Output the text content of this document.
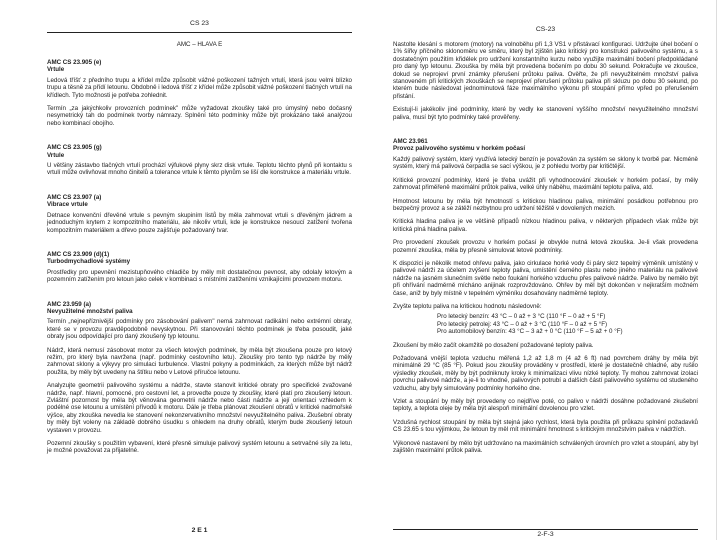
CS 23
AMC – HLAVA E
AMC CS 23.905 (e)
Vrtule
Ledová tříšť z předního trupu a křídel může způsobit vážné poškození tažných vrtulí, která jsou velmi blízko trupu a těsně za přídí letounu. Obdobně i ledová tříšť z křídel může způsobit vážné poškození tlačných vrtulí na křídlech. Tyto možnosti je potřeba zohlednit.
Termín „za jakýchkoliv provozních podmínek" může vyžadovat zkoušky také pro úmyslný nebo dočasný nesymetrický tah do podmínek tvorby námrazy. Splnění této podmínky může být prokázáno také analýzou nebo kombinací obojího.
AMC CS 23.905 (g)
Vrtule
U většiny zástavbo tlačných vrtulí prochází výfukové plyny skrz disk vrtule. Teplotu těchto plynů při kontaktu s vrtulí může ovlivňovat mnoho činitelů a tolerance vrtule k těmto plynům se liší dle konstrukce a materiálu vrtule.
AMC CS 23.907 (a)
Vibrace vrtule
Detnace konvenční dřevěné vrtule s pevným skupiním listů by měla zahrnovat vrtuli s dřevěným jádrem a jednoduchým krytem z kompozitního materiálu, ale nikoliv vrtuli, kde je konstrukce nesoucí zatížení tvořena kompozitním materiálem a dřevo pouze zajišťuje požadovaný tvar.
AMC CS 23.909 (d)(1)
Turbodmychadlové systémy
Prostředky pro upevnění mezistupňového chladiče by měly mít dostatečnou pevnost, aby odolaly letovým a pozemním zatížením pro letoun jako celek v kombinaci s místními zatíženími vznikajícími provozem motoru.
AMC 23.959 (a)
Nevyužitelné množství paliva
Termín „nejnepříznivější podmínky pro zásobování palivem" nemá zahrnovat radikální nebo extrémní obraty, které se v provozu pravděpodobně nevyskytnou. Při stanovování těchto podmínek je třeba posoudit, jaké obraty jsou odpovídající pro daný zkoušený typ letounu.
Nádrž, která nemusí zásobovat motor za všech letových podmínek, by měla být zkoušena pouze pro letový režim, pro který byla navržena (např. podmínky cestovního letu). Zkoušky pro tento typ nádrže by měly zahrnovat sklony a výkyvy pro simulaci turbulence. Vlastní pokyny a podmínkách, za kterých může být nádrž použita, by měly být uvedeny na štítku nebo v Letové příručce letounu.
Analyzujte geometrii palivového systému a nádrže, stavte stanovit kritické obraty pro specifické zvažované nádrže, např. hlavní, pomocné, pro cestovní let, a proveďte pouze ty zkoušky, které platí pro zkoušený letoun. Zvláštní pozornost by měla být věnována geometrii nádrže nebo části nádrže a její orientaci vzhledem k podélné ose letounu a umístění přívodů k motoru. Dále je třeba plánovat zkoušení obratů v kritické nadmořské výšce, aby zkouška nevedla ke stanovení nekonzervativního množství nevyužitelného paliva. Zkušební obraty by měly být voleny na základě dobrého úsudku s ohledem na druhy obratů, kterým bude zkoušený letoun vystaven v provozu.
Pozemní zkoušky s použitím vybavení, které přesně simuluje palivový systém letounu a setrvačné síly za letu, je možné považovat za přijatelné.
2 E 1
CS-23
Nastolte klesání s motorem (motory) na volnoběhu při 1,3 VS1 v přistávací konfiguraci. Udržujte úhel bočení o 1% šířky příčného sklonoměru ve směru, který byl zjištěn jako kritický pro konstrukci palivového systému, a s dostatečným použitím křidélek pro udržení konstantního kurzu nebo využijte maximální bočení předpokládané pro daný typ letounu. Zkouška by měla být provedena bočením po dobu 30 sekund. Pokračujte ve zkoušce, dokud se neprojeví první známky přerušení průtoku paliva. Ověřte, že při nevyužitelném množství paliva stanoveném při kritických zkouškách se neprojeví přerušení průtoku paliva při skluzu po dobu 30 sekund, po kterém bude následovat jednominutová fáze maximálního výkonu při stoupání přímo vpřed po přerušeném přistání.
Existují-li jakékoliv jiné podmínky, které by vedly ke stanovení vyššího množství nevyužitelného množství paliva, musí být tyto podmínky také prověřeny.
AMC 23.961
Provoz palivového systému v horkém počasí
Každý palivový systém, který využívá letecký benzín je považován za systém se sklony k tvorbě par. Nicméně systém, který má palivová čerpadla se sací výškou, je z pohledu tvorby par kritičtější.
Kritické provozní podmínky, které je třeba uvážit při vyhodnocování zkoušek v horkém počasí, by měly zahrnovat přiměřeně maximální průtok paliva, velké úhly náběhu, maximální teplotu paliva, atd.
Hmotnost letounu by měla být hmotností s kritickou hladinou paliva, minimální posádkou potřebnou pro bezpečný provoz a se zátěží nezbytnou pro udržení těžiště v dovolených mezích.
Kritická hladina paliva je ve většině případů nízkou hladinou paliva, v některých případech však může být kritická plná hladina paliva.
Pro provedení zkoušek provozu v horkém počasí je obvykle nutná letová zkouška. Je-li však provedena pozemní zkouška, měla by přesně simulovat letové podmínky.
K dispozici je několik metod ohřevu paliva, jako cirkulace horké vody či páry skrz tepelný výměník umístěný v palivové nádrži za účelem zvýšení teploty paliva, umístění černého plastu nebo jiného materiálu na palivové nádrže na jasném slunečním světle nebo foukání horkého vzduchu přes palivové nádrže. Palivo by nemělo být při ohřívání nadměrně mícháno anijinak rozprovždováno. Ohřev by měl být dokončen v nejkratším možném čase, aniž by byly místně v tepelném výměníku dosahovány nadměrné teploty.
Zvyšte teplotu paliva na kritickou hodnotu následovně:
Pro letecký benzín: 43 °C – 0 až + 3 °C (110 °F – 0 až + 5 °F)
Pro letecký petrolej: 43 °C – 0 až + 3 °C (110 °F – 0 až + 5 °F)
Pro automobilový benzín: 43 °C – 3 až + 0 °C (110 °F – 5 až + 0 °F)
Zkoušení by mělo začít okamžitě po dosažení požadované teploty paliva.
Požadovaná vnější teplota vzduchu měřená 1,2 až 1,8 m (4 až 6 ft) nad povrchem dráhy by měla být minimálně 29 °C (85 °F). Pokud jsou zkoušky prováděny v prostředí, které je dostatečně chladné, aby rušilo výsledky zkoušek, měly by být podniknuty kroky k minimalizaci vlivu nízké teploty. Ty mohou zahrnovat izolaci povrchu palivové nádrže, a je-li to vhodné, palivových potrubí a dalších částí palivového systému od studeného vzduchu, aby byly simulovány podmínky horkého dne.
Vzlet a stoupání by měly být provedeny co nejdříve poté, co palivo v nádrži dosáhne požadované zkušební teploty, a teplota oleje by měla být alespoň minimální dovolenou pro vzlet.
Vzdušná rychlost stoupání by měla být stejná jako rychlost, která byla použita při průkazu splnění požadavků CS 23.65 s tou výjimkou, že letoun by měl mít minimální hmotnost s kritickým množstvím paliva v nádržích.
Výkonové nastavení by mělo být udržováno na maximálních schválených úrovních pro vzlet a stoupání, aby byl zajištěn maximální průtok paliva.
2-F-3
